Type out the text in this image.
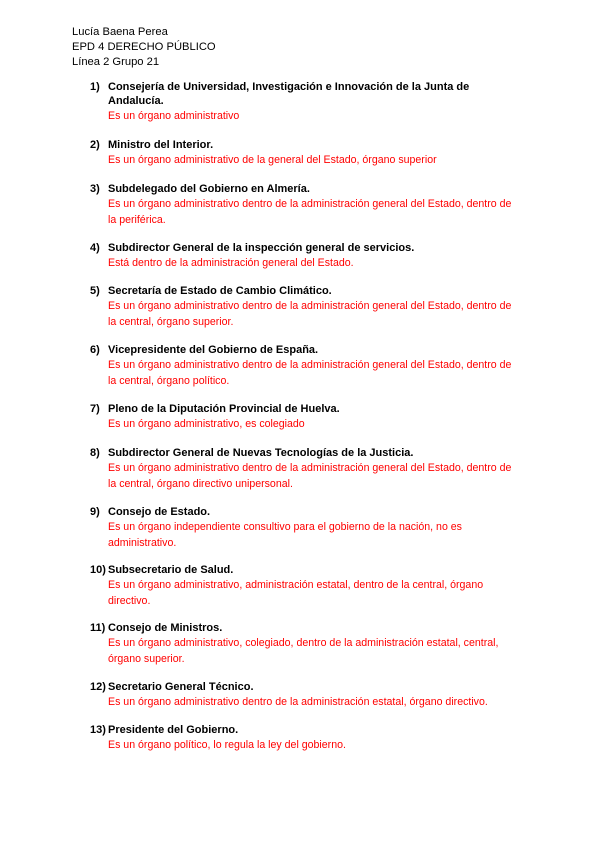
Lucía Baena Perea
EPD 4 DERECHO PÚBLICO
Línea 2 Grupo 21
1) Consejería de Universidad, Investigación e Innovación de la Junta de Andalucía.
Es un órgano administrativo
2) Ministro del Interior.
Es un órgano administrativo de la general del Estado, órgano superior
3) Subdelegado del Gobierno en Almería.
Es un órgano administrativo dentro de la administración general del Estado, dentro de la periférica.
4) Subdirector General de la inspección general de servicios.
Está dentro de la administración general del Estado.
5) Secretaría de Estado de Cambio Climático.
Es un órgano administrativo dentro de la administración general del Estado, dentro de la central, órgano superior.
6) Vicepresidente del Gobierno de España.
Es un órgano administrativo dentro de la administración general del Estado, dentro de la central, órgano político.
7) Pleno de la Diputación Provincial de Huelva.
Es un órgano administrativo, es colegiado
8) Subdirector General de Nuevas Tecnologías de la Justicia.
Es un órgano administrativo dentro de la administración general del Estado, dentro de la central, órgano directivo unipersonal.
9) Consejo de Estado.
Es un órgano independiente consultivo para el gobierno de la nación, no es administrativo.
10) Subsecretario de Salud.
Es un órgano administrativo, administración estatal, dentro de la central, órgano directivo.
11) Consejo de Ministros.
Es un órgano administrativo, colegiado, dentro de la administración estatal, central, órgano superior.
12) Secretario General Técnico.
Es un órgano administrativo dentro de la administración estatal, órgano directivo.
13) Presidente del Gobierno.
Es un órgano político, lo regula la ley del gobierno.
